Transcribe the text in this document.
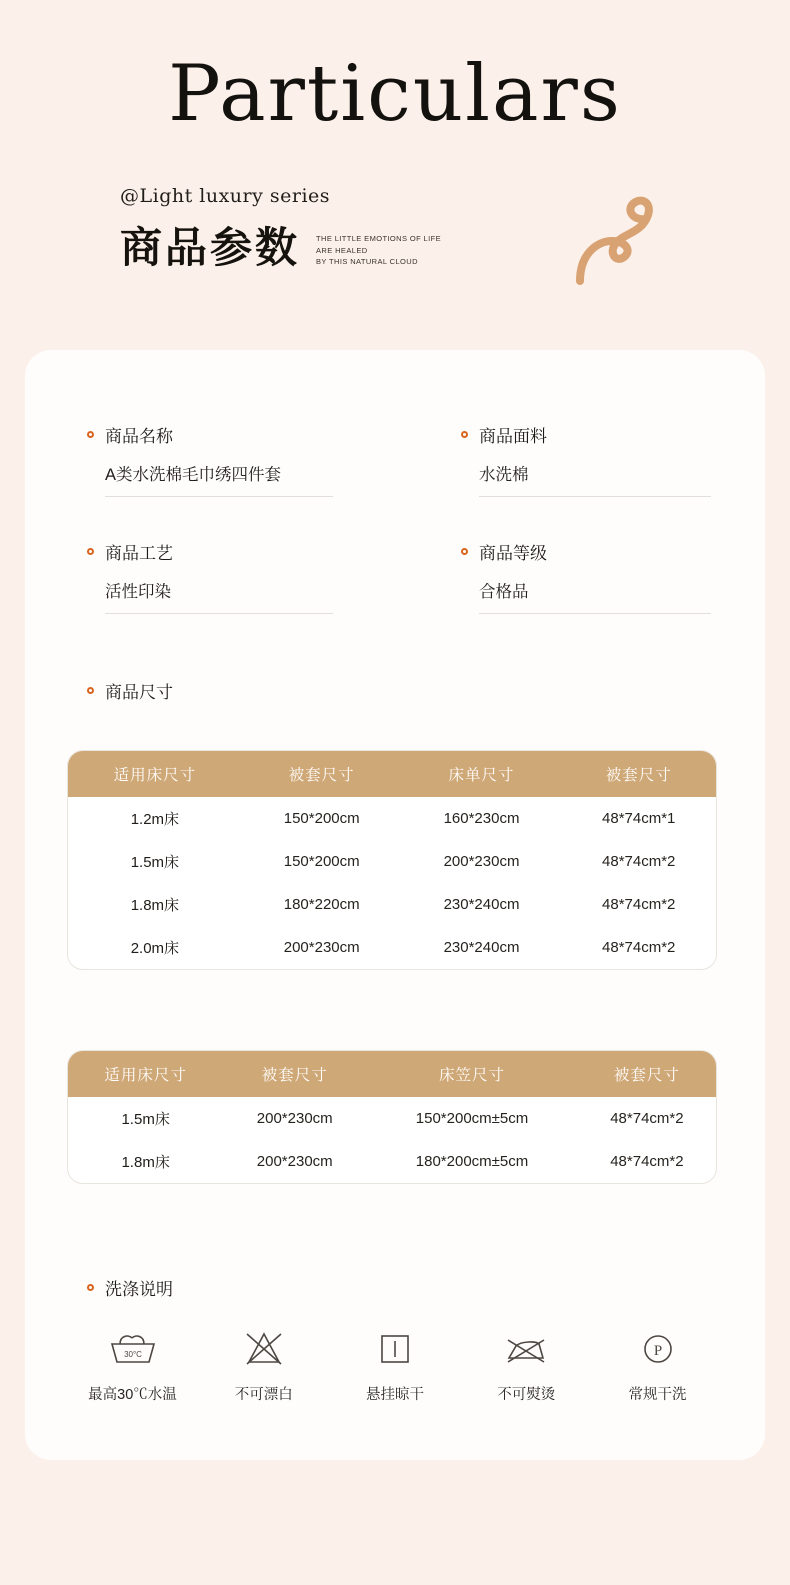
Particulars
@Light luxury series
商品参数 THE LITTLE EMOTIONS OF LIFE ARE HEALED
BY THIS NATURAL CLOUD
商品名称
A类水洗棉毛巾绣四件套
商品面料
水洗棉
商品工艺
活性印染
商品等级
合格品
商品尺寸
适用床尺寸	被套尺寸	床单尺寸	被套尺寸
1.2m床	150*200cm	160*230cm	48*74cm*1
1.5m床	150*200cm	200*230cm	48*74cm*2
1.8m床	180*220cm	230*240cm	48*74cm*2
2.0m床	200*230cm	230*240cm	48*74cm*2
适用床尺寸	被套尺寸	床笠尺寸	被套尺寸
1.5m床	200*230cm	150*200cm±5cm	48*74cm*2
1.8m床	200*230cm	180*200cm±5cm	48*74cm*2
洗涤说明
30°C
最高30℃水温	不可漂白	悬挂晾干	不可熨烫
P
常规干洗
